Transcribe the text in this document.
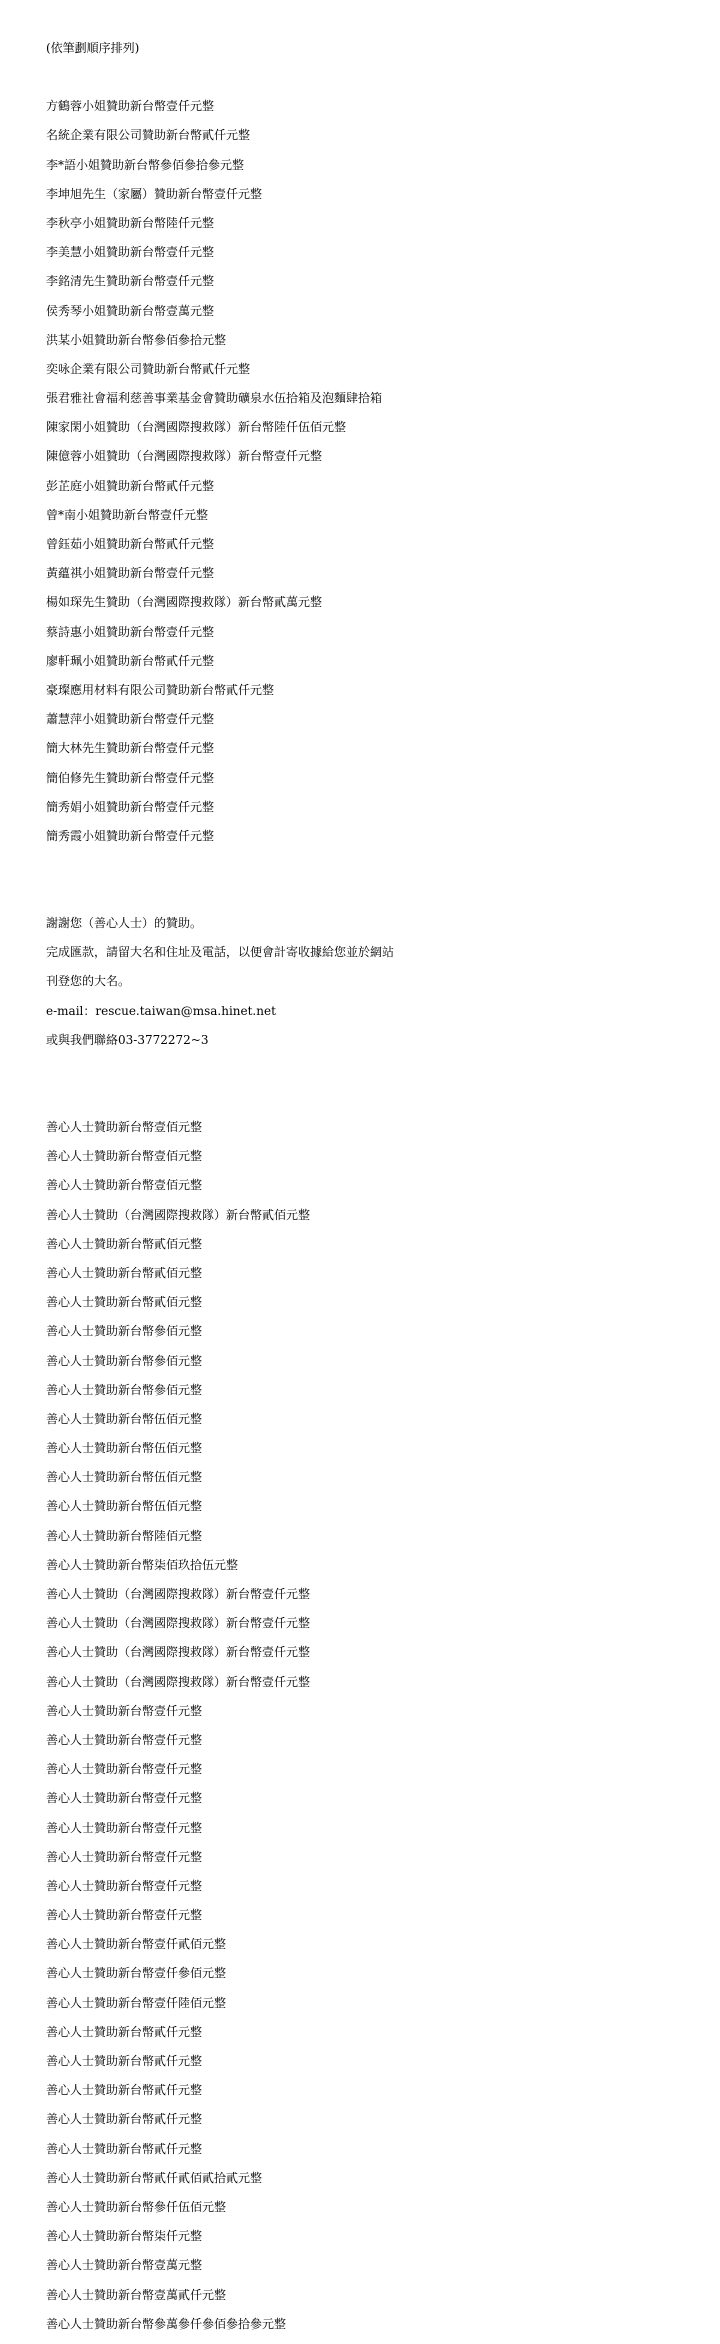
(依筆劃順序排列)
方鶴蓉小姐贊助新台幣壹仟元整
名統企業有限公司贊助新台幣貳仟元整
李*語小姐贊助新台幣參佰參拾參元整
李坤旭先生（家屬）贊助新台幣壹仟元整
李秋亭小姐贊助新台幣陸仟元整
李美慧小姐贊助新台幣壹仟元整
李銘清先生贊助新台幣壹仟元整
侯秀琴小姐贊助新台幣壹萬元整
洪某小姐贊助新台幣參佰參拾元整
奕咏企業有限公司贊助新台幣貳仟元整
張君雅社會福利慈善事業基金會贊助礦泉水伍拾箱及泡麵肆拾箱
陳家閑小姐贊助（台灣國際搜救隊）新台幣陸仟伍佰元整
陳億蓉小姐贊助（台灣國際搜救隊）新台幣壹仟元整
彭芷庭小姐贊助新台幣貳仟元整
曾*南小姐贊助新台幣壹仟元整
曾鈺茹小姐贊助新台幣貳仟元整
黃蘊祺小姐贊助新台幣壹仟元整
楊如琛先生贊助（台灣國際搜救隊）新台幣貳萬元整
蔡詩惠小姐贊助新台幣壹仟元整
廖軒珮小姐贊助新台幣貳仟元整
豪璨應用材料有限公司贊助新台幣貳仟元整
蕭慧萍小姐贊助新台幣壹仟元整
簡大林先生贊助新台幣壹仟元整
簡伯修先生贊助新台幣壹仟元整
簡秀娟小姐贊助新台幣壹仟元整
簡秀霞小姐贊助新台幣壹仟元整
謝謝您（善心人士）的贊助。
完成匯款，請留大名和住址及電話，以便會計寄收據給您並於網站
刊登您的大名。
e-mail：rescue.taiwan@msa.hinet.net
或與我們聯絡03-3772272~3
善心人士贊助新台幣壹佰元整
善心人士贊助新台幣壹佰元整
善心人士贊助新台幣壹佰元整
善心人士贊助（台灣國際搜救隊）新台幣貳佰元整
善心人士贊助新台幣貳佰元整
善心人士贊助新台幣貳佰元整
善心人士贊助新台幣貳佰元整
善心人士贊助新台幣參佰元整
善心人士贊助新台幣參佰元整
善心人士贊助新台幣參佰元整
善心人士贊助新台幣伍佰元整
善心人士贊助新台幣伍佰元整
善心人士贊助新台幣伍佰元整
善心人士贊助新台幣伍佰元整
善心人士贊助新台幣陸佰元整
善心人士贊助新台幣柒佰玖拾伍元整
善心人士贊助（台灣國際搜救隊）新台幣壹仟元整
善心人士贊助（台灣國際搜救隊）新台幣壹仟元整
善心人士贊助（台灣國際搜救隊）新台幣壹仟元整
善心人士贊助（台灣國際搜救隊）新台幣壹仟元整
善心人士贊助新台幣壹仟元整
善心人士贊助新台幣壹仟元整
善心人士贊助新台幣壹仟元整
善心人士贊助新台幣壹仟元整
善心人士贊助新台幣壹仟元整
善心人士贊助新台幣壹仟元整
善心人士贊助新台幣壹仟元整
善心人士贊助新台幣壹仟元整
善心人士贊助新台幣壹仟貳佰元整
善心人士贊助新台幣壹仟參佰元整
善心人士贊助新台幣壹仟陸佰元整
善心人士贊助新台幣貳仟元整
善心人士贊助新台幣貳仟元整
善心人士贊助新台幣貳仟元整
善心人士贊助新台幣貳仟元整
善心人士贊助新台幣貳仟元整
善心人士贊助新台幣貳仟貳佰貳拾貳元整
善心人士贊助新台幣參仟伍佰元整
善心人士贊助新台幣柒仟元整
善心人士贊助新台幣壹萬元整
善心人士贊助新台幣壹萬貳仟元整
善心人士贊助新台幣參萬參仟參佰參拾參元整
